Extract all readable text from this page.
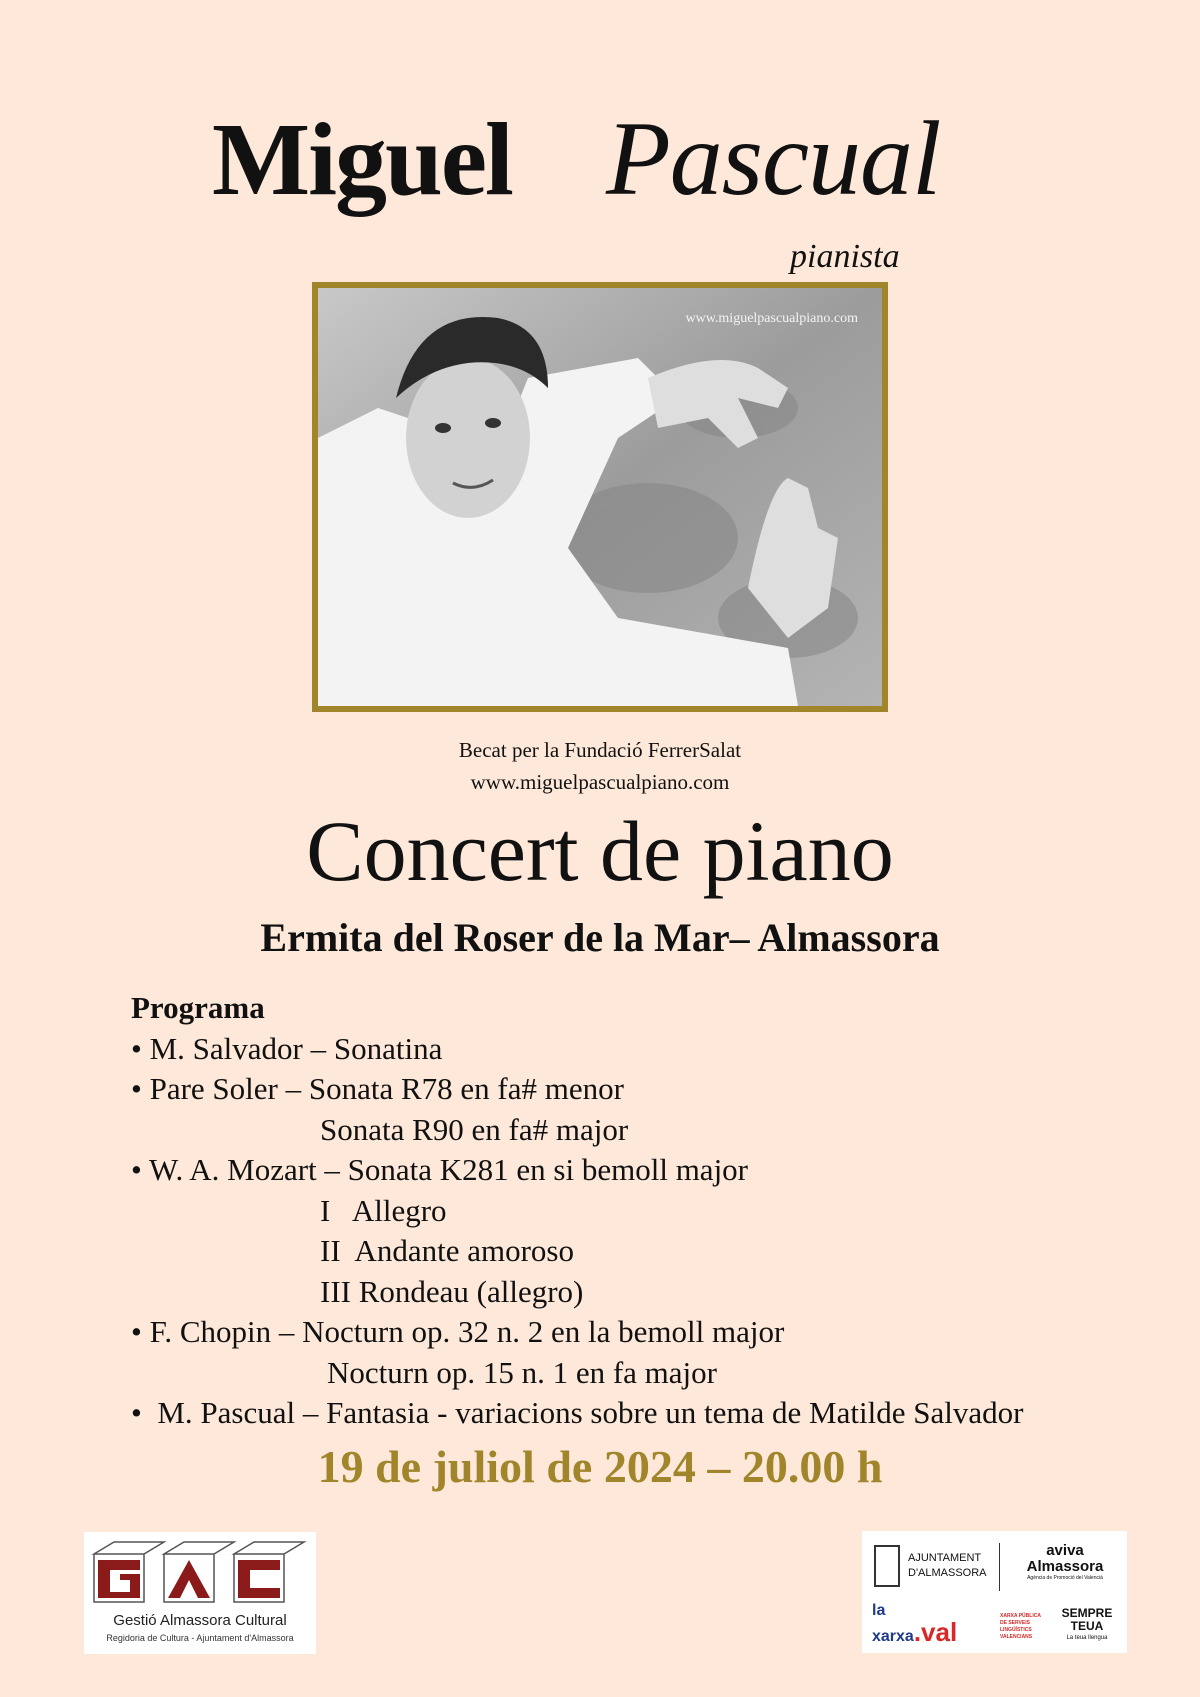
Miguel Pascual
pianista
www.miguelpascualpiano.com
Becat per la Fundació FerrerSalat
www.miguelpascualpiano.com
Concert de piano
Ermita del Roser de la Mar– Almassora
Programa
• M. Salvador – Sonatina
• Pare Soler – Sonata R78 en fa# menor
Sonata R90 en fa# major
• W. A. Mozart – Sonata K281 en si bemoll major
I   Allegro
II  Andante amoroso
III Rondeau (allegro)
• F. Chopin – Nocturn op. 32 n. 2 en la bemoll major
Nocturn op. 15 n. 1 en fa major
•  M. Pascual – Fantasia - variacions sobre un tema de Matilde Salvador
19 de juliol de 2024 – 20.00 h
Gestió Almassora Cultural
Regidoria de Cultura - Ajuntament d'Almassora
AJUNTAMENT
D'ALMASSORA
aviva
Almassora
Agència de Promoció del Valencià
la
xarxa.val
XARXA PÚBLICA DE SERVEIS LINGÜÍSTICS VALENCIANS
SEMPRE
TEUA
La teua llengua
